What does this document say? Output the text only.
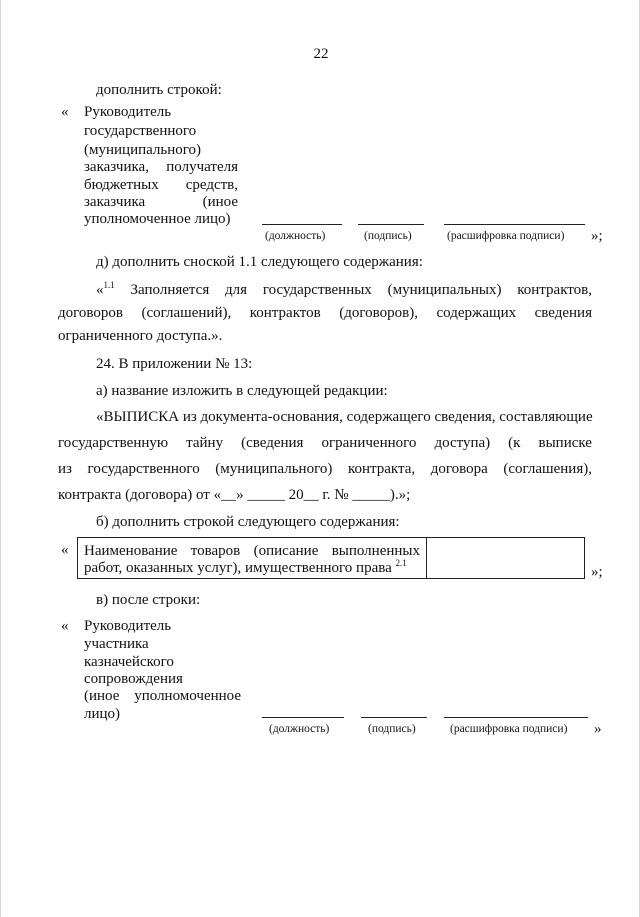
22
дополнить строкой:
« Руководитель
государственного
(муниципального)
заказчика, получателя
бюджетных средств,
заказчика	(иное
уполномоченное лицо)
(должность)	(подпись)	(расшифровка подписи) »;
д) дополнить сноской 1.1 следующего содержания:
«$^{1.1}$ Заполняется для государственных (муниципальных) контрактов,
договоров (соглашений), контрактов (договоров), содержащих сведения
ограниченного доступа.».
24. В приложении № 13:
а) название изложить в следующей редакции:
«ВЫПИСКА из документа-основания, содержащего сведения, составляющие
государственную тайну (сведения ограниченного доступа) (к выписке
из государственного (муниципального) контракта, договора (соглашения),
контракта (договора) от «__» _____ 20__ г. № _____).»;
б) дополнить строкой следующего содержания:
« Наименование товаров (описание выполненных
работ, оказанных услуг), имущественного права $^{2.1}$
»;
в) после строки:
« Руководитель
участника
казначейского
сопровождения
(иное уполномоченное
лицо)
(должность)	(подпись)	(расшифровка подписи) »
